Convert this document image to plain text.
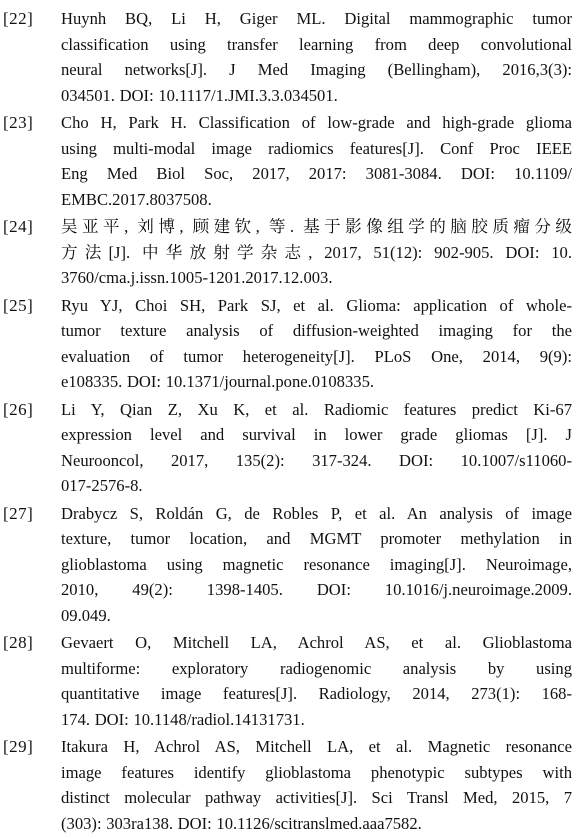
[22] Huynh BQ, Li H, Giger ML. Digital mammographic tumor
classification using transfer learning from deep convolutional
neural networks[J]. J Med Imaging (Bellingham), 2016,3(3):
034501. DOI: 10.1117/1.JMI.3.3.034501.
[23] Cho H, Park H. Classification of low-grade and high-grade glioma
using multi-modal image radiomics features[J]. Conf Proc IEEE
Eng Med Biol Soc, 2017, 2017: 3081-3084. DOI: 10.1109/
EMBC.2017.8037508.
[24] 吴亚平, 刘博, 顾建钦, 等. 基于影像组学的脑胶质瘤分级
方法[J]. 中华放射学杂志, 2017, 51(12): 902-905. DOI: 10.
3760/cma.j.issn.1005-1201.2017.12.003.
[25] Ryu YJ, Choi SH, Park SJ, et al. Glioma: application of whole-
tumor texture analysis of diffusion-weighted imaging for the
evaluation of tumor heterogeneity[J]. PLoS One, 2014, 9(9):
e108335. DOI: 10.1371/journal.pone.0108335.
[26] Li Y, Qian Z, Xu K, et al. Radiomic features predict Ki-67
expression level and survival in lower grade gliomas [J]. J
Neurooncol, 2017, 135(2): 317-324. DOI: 10.1007/s11060-
017-2576-8.
[27] Drabycz S, Roldán G, de Robles P, et al. An analysis of image
texture, tumor location, and MGMT promoter methylation in
glioblastoma using magnetic resonance imaging[J]. Neuroimage,
2010, 49(2): 1398-1405. DOI: 10.1016/j.neuroimage.2009.
09.049.
[28] Gevaert O, Mitchell LA, Achrol AS, et al. Glioblastoma
multiforme: exploratory radiogenomic analysis by using
quantitative image features[J]. Radiology, 2014, 273(1): 168-
174. DOI: 10.1148/radiol.14131731.
[29] Itakura H, Achrol AS, Mitchell LA, et al. Magnetic resonance
image features identify glioblastoma phenotypic subtypes with
distinct molecular pathway activities[J]. Sci Transl Med, 2015, 7
(303): 303ra138. DOI: 10.1126/scitranslmed.aaa7582.
